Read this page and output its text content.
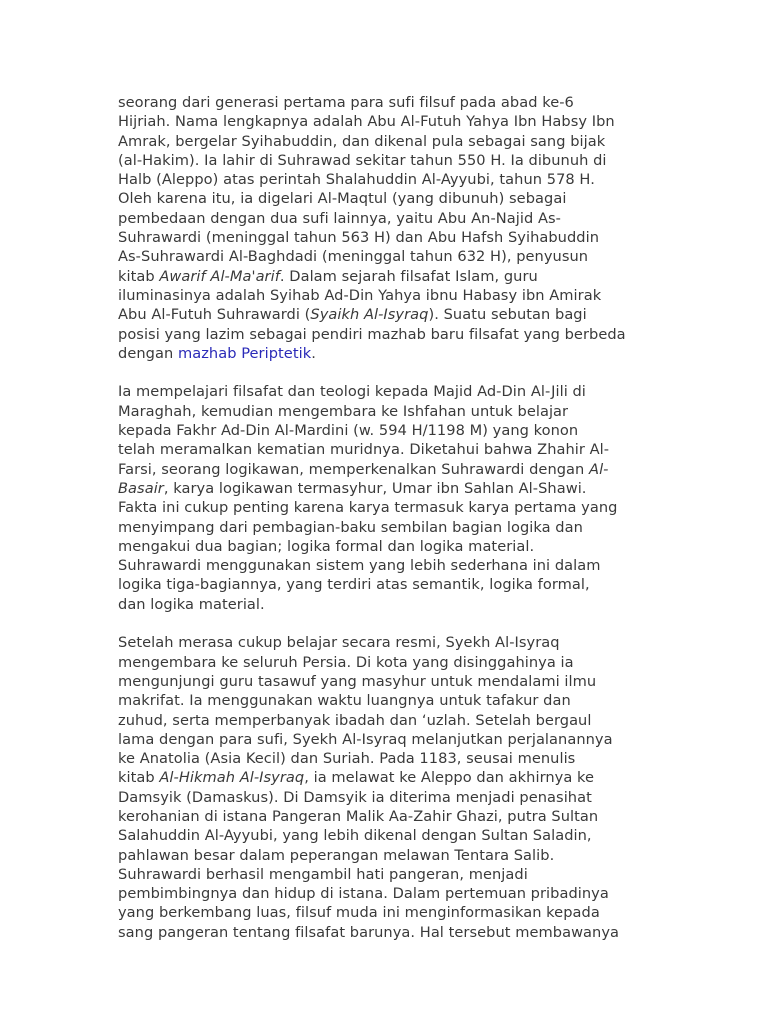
seorang dari generasi pertama para sufi filsuf pada abad ke-6
Hijriah. Nama lengkapnya adalah Abu Al-Futuh Yahya Ibn Habsy Ibn
Amrak, bergelar Syihabuddin, dan dikenal pula sebagai sang bijak
(al-Hakim). Ia lahir di Suhrawad sekitar tahun 550 H. Ia dibunuh di
Halb (Aleppo) atas perintah Shalahuddin Al-Ayyubi, tahun 578 H.
Oleh karena itu, ia digelari Al-Maqtul (yang dibunuh) sebagai
pembedaan dengan dua sufi lainnya, yaitu Abu An-Najid As-
Suhrawardi (meninggal tahun 563 H) dan Abu Hafsh Syihabuddin
As-Suhrawardi Al-Baghdadi (meninggal tahun 632 H), penyusun
kitab Awarif Al-Ma'arif. Dalam sejarah filsafat Islam, guru
iluminasinya adalah Syihab Ad-Din Yahya ibnu Habasy ibn Amirak
Abu Al-Futuh Suhrawardi (Syaikh Al-Isyraq). Suatu sebutan bagi
posisi yang lazim sebagai pendiri mazhab baru filsafat yang berbeda
dengan mazhab Periptetik.

Ia mempelajari filsafat dan teologi kepada Majid Ad-Din Al-Jili di
Maraghah, kemudian mengembara ke Ishfahan untuk belajar
kepada Fakhr Ad-Din Al-Mardini (w. 594 H/1198 M) yang konon
telah meramalkan kematian muridnya. Diketahui bahwa Zhahir Al-
Farsi, seorang logikawan, memperkenalkan Suhrawardi dengan Al-
Basair, karya logikawan termasyhur, Umar ibn Sahlan Al-Shawi.
Fakta ini cukup penting karena karya termasuk karya pertama yang
menyimpang dari pembagian-baku sembilan bagian logika dan
mengakui dua bagian; logika formal dan logika material.
Suhrawardi menggunakan sistem yang lebih sederhana ini dalam
logika tiga-bagiannya, yang terdiri atas semantik, logika formal,
dan logika material.

Setelah merasa cukup belajar secara resmi, Syekh Al-Isyraq
mengembara ke seluruh Persia. Di kota yang disinggahinya ia
mengunjungi guru tasawuf yang masyhur untuk mendalami ilmu
makrifat. Ia menggunakan waktu luangnya untuk tafakur dan
zuhud, serta memperbanyak ibadah dan ‘uzlah. Setelah bergaul
lama dengan para sufi, Syekh Al-Isyraq melanjutkan perjalanannya
ke Anatolia (Asia Kecil) dan Suriah. Pada 1183, seusai menulis
kitab Al-Hikmah Al-Isyraq, ia melawat ke Aleppo dan akhirnya ke
Damsyik (Damaskus). Di Damsyik ia diterima menjadi penasihat
kerohanian di istana Pangeran Malik Aa-Zahir Ghazi, putra Sultan
Salahuddin Al-Ayyubi, yang lebih dikenal dengan Sultan Saladin,
pahlawan besar dalam peperangan melawan Tentara Salib.
Suhrawardi berhasil mengambil hati pangeran, menjadi
pembimbingnya dan hidup di istana. Dalam pertemuan pribadinya
yang berkembang luas, filsuf muda ini menginformasikan kepada
sang pangeran tentang filsafat barunya. Hal tersebut membawanya
